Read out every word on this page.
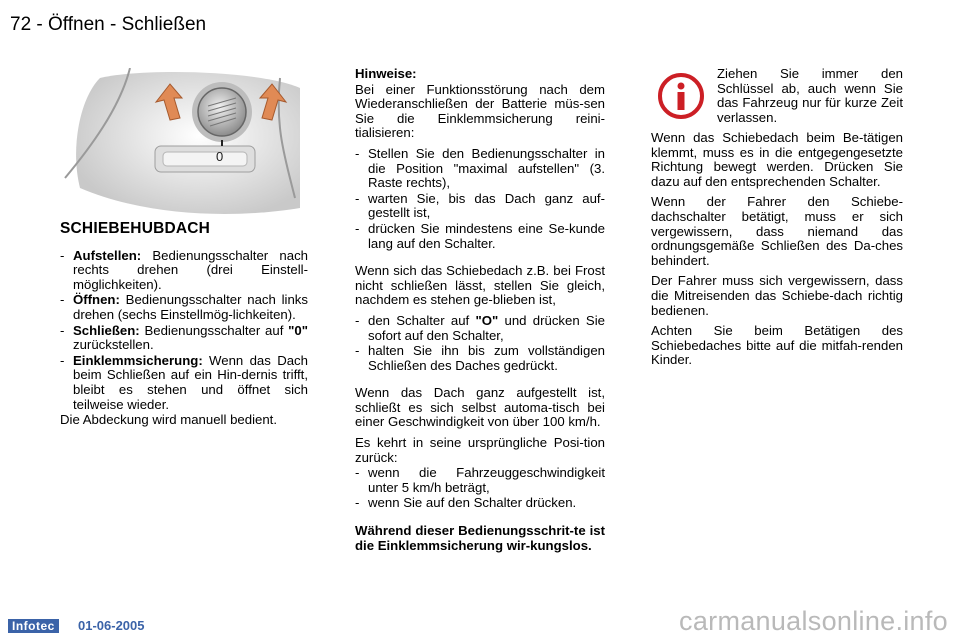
72 - Öffnen - Schließen
0
SCHIEBEHUBDACH
- Aufstellen: Bedienungsschalter nach rechts drehen (drei Einstell-möglichkeiten).
- Öffnen: Bedienungsschalter nach links drehen (sechs Einstellmög-lichkeiten).
- Schließen: Bedienungsschalter auf "0" zurückstellen.
- Einklemmsicherung: Wenn das Dach beim Schließen auf ein Hin-dernis trifft, bleibt es stehen und öffnet sich teilweise wieder.

Die Abdeckung wird manuell bedient.

Hinweise:

Bei einer Funktionsstörung nach dem Wiederanschließen der Batterie müs-sen Sie die Einklemmsicherung reini-tialisieren:

- Stellen Sie den Bedienungsschalter in die Position "maximal aufstellen" (3. Raste rechts),
- warten Sie, bis das Dach ganz auf-gestellt ist,
- drücken Sie mindestens eine Se-kunde lang auf den Schalter.

Wenn sich das Schiebedach z.B. bei Frost nicht schließen lässt, stellen Sie gleich, nachdem es stehen ge-blieben ist,

- den Schalter auf "O" und drücken Sie sofort auf den Schalter,
- halten Sie ihn bis zum vollständigen Schließen des Daches gedrückt.

Wenn das Dach ganz aufgestellt ist, schließt es sich selbst automa-tisch bei einer Geschwindigkeit von über 100 km/h.

Es kehrt in seine ursprüngliche Posi-tion zurück:

- wenn die Fahrzeuggeschwindigkeit unter 5 km/h beträgt,
- wenn Sie auf den Schalter drücken.

Während dieser Bedienungsschrit-te ist die Einklemmsicherung wir-kungslos.

Ziehen Sie immer den Schlüssel ab, auch wenn Sie das Fahrzeug nur für kurze Zeit verlassen.

Wenn das Schiebedach beim Be-tätigen klemmt, muss es in die entgegengesetzte Richtung bewegt werden. Drücken Sie dazu auf den entsprechenden Schalter.

Wenn der Fahrer den Schiebe-dachschalter betätigt, muss er sich vergewissern, dass niemand das ordnungsgemäße Schließen des Da-ches behindert.

Der Fahrer muss sich vergewissern, dass die Mitreisenden das Schiebe-dach richtig bedienen.

Achten Sie beim Betätigen des Schiebedaches bitte auf die mitfah-renden Kinder.

Infotec	01-06-2005	carmanualsonline.info
